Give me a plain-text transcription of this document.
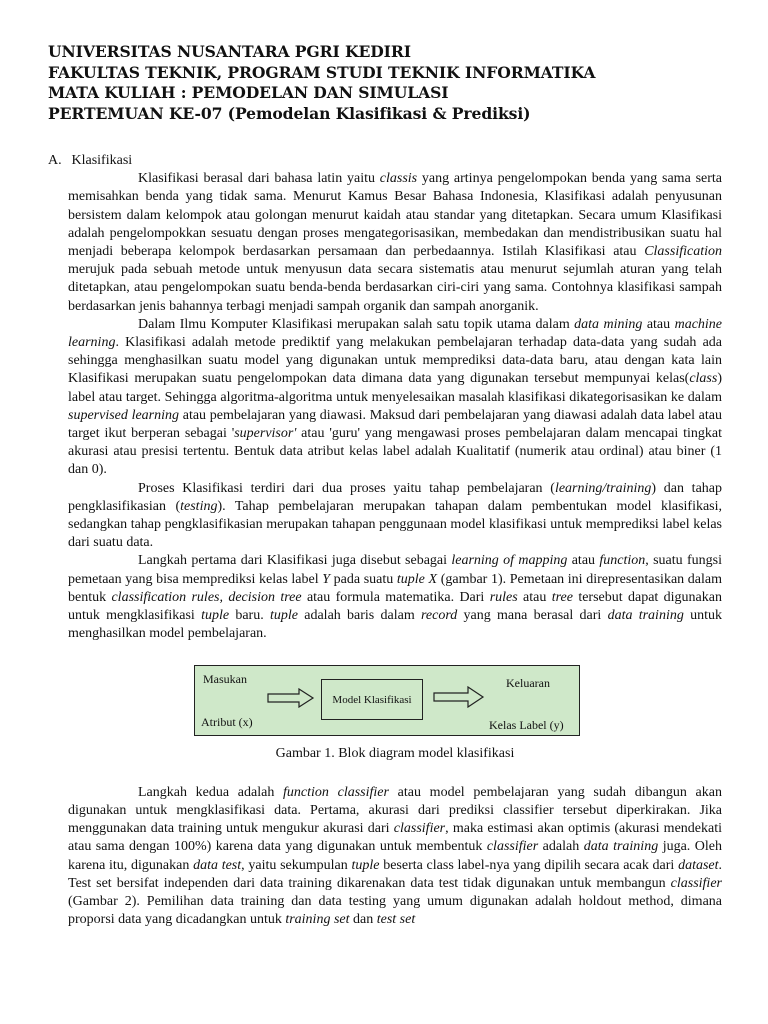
UNIVERSITAS NUSANTARA PGRI KEDIRI
FAKULTAS TEKNIK, PROGRAM STUDI TEKNIK INFORMATIKA
MATA KULIAH : PEMODELAN DAN SIMULASI
PERTEMUAN KE-07 (Pemodelan Klasifikasi & Prediksi)
A. Klasifikasi

Klasifikasi berasal dari bahasa latin yaitu classis yang artinya pengelompokan benda yang sama serta memisahkan benda yang tidak sama. Menurut Kamus Besar Bahasa Indonesia, Klasifikasi adalah penyusunan bersistem dalam kelompok atau golongan menurut kaidah atau standar yang ditetapkan. Secara umum Klasifikasi adalah pengelompokkan sesuatu dengan proses mengategorisasikan, membedakan dan mendistribusikan suatu hal menjadi beberapa kelompok berdasarkan persamaan dan perbedaannya. Istilah Klasifikasi atau Classification merujuk pada sebuah metode untuk menyusun data secara sistematis atau menurut sejumlah aturan yang telah ditetapkan, atau pengelompokan suatu benda-benda berdasarkan ciri-ciri yang sama. Contohnya klasifikasi sampah berdasarkan jenis bahannya terbagi menjadi sampah organik dan sampah anorganik.

Dalam Ilmu Komputer Klasifikasi merupakan salah satu topik utama dalam data mining atau machine learning. Klasifikasi adalah metode prediktif yang melakukan pembelajaran terhadap data-data yang sudah ada sehingga menghasilkan suatu model yang digunakan untuk memprediksi data-data baru, atau dengan kata lain Klasifikasi merupakan suatu pengelompokan data dimana data yang digunakan tersebut mempunyai kelas(class) label atau target. Sehingga algoritma-algoritma untuk menyelesaikan masalah klasifikasi dikategorisasikan ke dalam supervised learning atau pembelajaran yang diawasi. Maksud dari pembelajaran yang diawasi adalah data label atau target ikut berperan sebagai 'supervisor' atau 'guru' yang mengawasi proses pembelajaran dalam mencapai tingkat akurasi atau presisi tertentu. Bentuk data atribut kelas label adalah Kualitatif (numerik atau ordinal) atau biner (1 dan 0).

Proses Klasifikasi terdiri dari dua proses yaitu tahap pembelajaran (learning/training) dan tahap pengklasifikasian (testing). Tahap pembelajaran merupakan tahapan dalam pembentukan model klasifikasi, sedangkan tahap pengklasifikasian merupakan tahapan penggunaan model klasifikasi untuk memprediksi label kelas dari suatu data.

Langkah pertama dari Klasifikasi juga disebut sebagai learning of mapping atau function, suatu fungsi pemetaan yang bisa memprediksi kelas label Y pada suatu tuple X (gambar 1). Pemetaan ini direpresentasikan dalam bentuk classification rules, decision tree atau formula matematika. Dari rules atau tree tersebut dapat digunakan untuk mengklasifikasi tuple baru. tuple adalah baris dalam record yang mana berasal dari data training untuk menghasilkan model pembelajaran.

Masukan
Atribut (x)
Model Klasifikasi
Keluaran
Kelas Label (y)
Gambar 1. Blok diagram model klasifikasi

Langkah kedua adalah function classifier atau model pembelajaran yang sudah dibangun akan digunakan untuk mengklasifikasi data. Pertama, akurasi dari prediksi classifier tersebut diperkirakan. Jika menggunakan data training untuk mengukur akurasi dari classifier, maka estimasi akan optimis (akurasi mendekati atau sama dengan 100%) karena data yang digunakan untuk membentuk classifier adalah data training juga. Oleh karena itu, digunakan data test, yaitu sekumpulan tuple beserta class label-nya yang dipilih secara acak dari dataset. Test set bersifat independen dari data training dikarenakan data test tidak digunakan untuk membangun classifier (Gambar 2). Pemilihan data training dan data testing yang umum digunakan adalah holdout method, dimana proporsi data yang dicadangkan untuk training set dan test set
